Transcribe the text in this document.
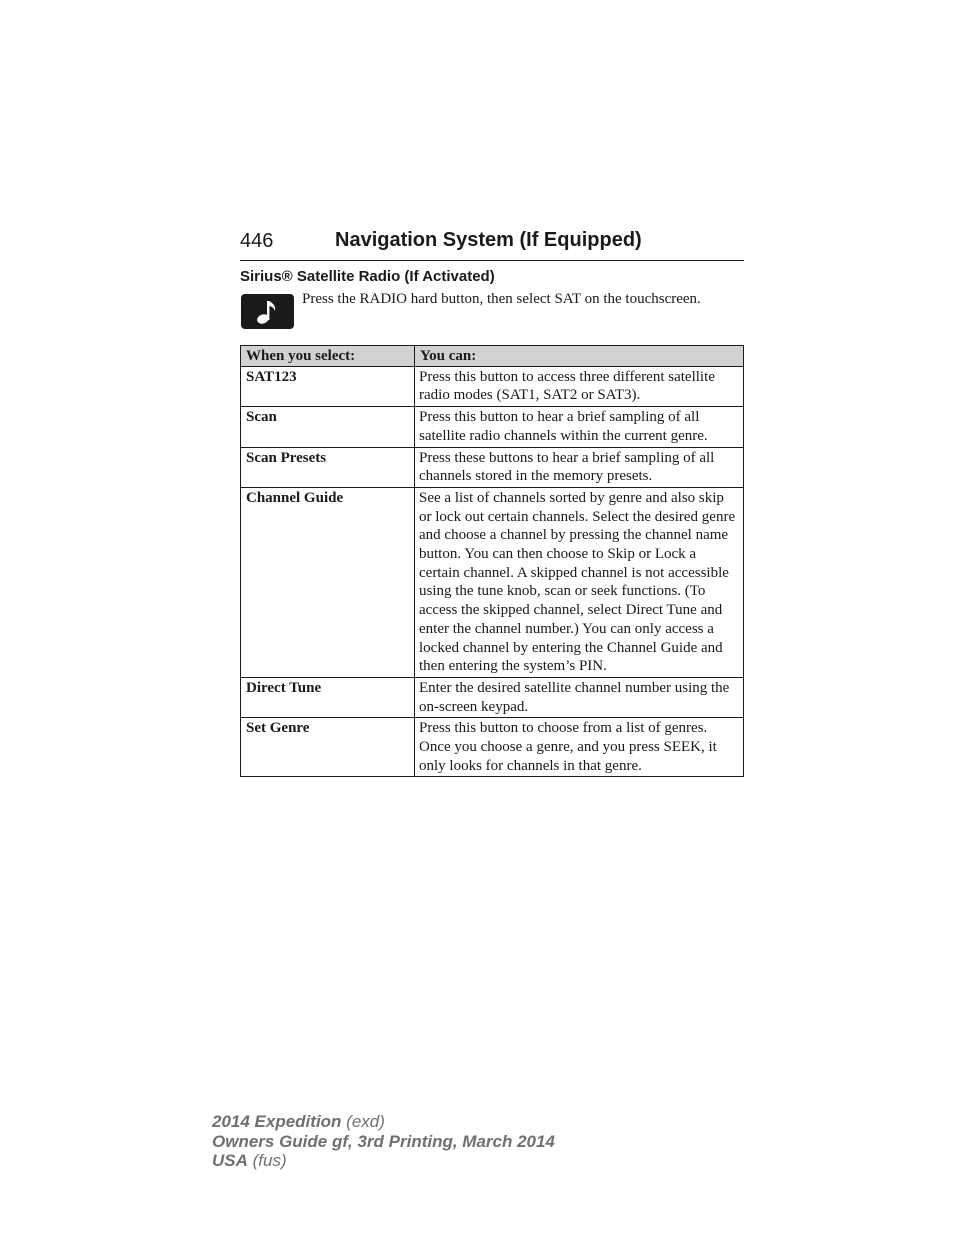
446	Navigation System (If Equipped)
Sirius® Satellite Radio (If Activated)
Press the RADIO hard button, then select SAT on the touchscreen.
When you select:	You can:
SAT123	Press this button to access three different satellite radio modes (SAT1, SAT2 or SAT3).
Scan	Press this button to hear a brief sampling of all satellite radio channels within the current genre.
Scan Presets	Press these buttons to hear a brief sampling of all channels stored in the memory presets.
Channel Guide	See a list of channels sorted by genre and also skip or lock out certain channels. Select the desired genre and choose a channel by pressing the channel name button. You can then choose to Skip or Lock a certain channel. A skipped channel is not accessible using the tune knob, scan or seek functions. (To access the skipped channel, select Direct Tune and enter the channel number.) You can only access a locked channel by entering the Channel Guide and then entering the system’s PIN.
Direct Tune	Enter the desired satellite channel number using the on-screen keypad.
Set Genre	Press this button to choose from a list of genres. Once you choose a genre, and you press SEEK, it only looks for channels in that genre.
2014 Expedition (exd)
Owners Guide gf, 3rd Printing, March 2014
USA (fus)
